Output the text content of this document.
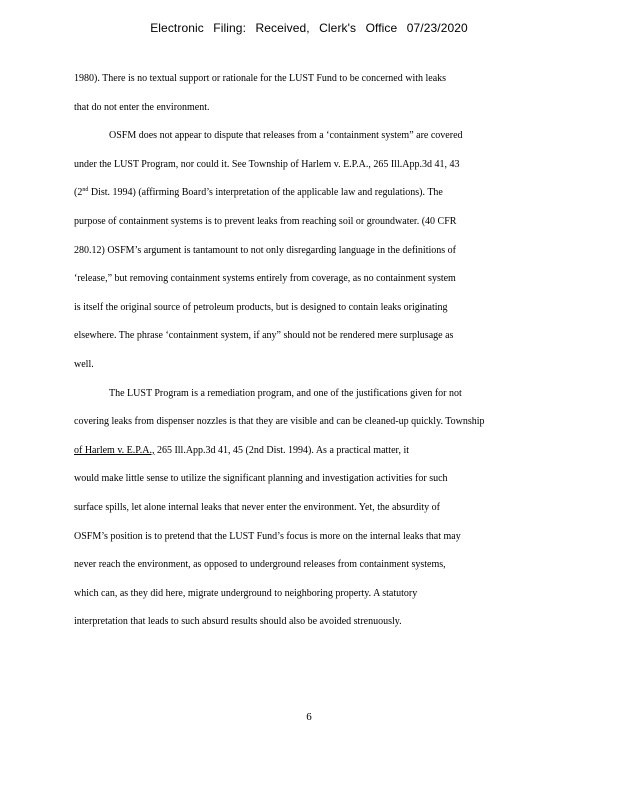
Electronic Filing: Received, Clerk's Office 07/23/2020
1980). There is no textual support or rationale for the LUST Fund to be concerned with leaks
that do not enter the environment.
OSFM does not appear to dispute that releases from a ‘containment system” are covered
under the LUST Program, nor could it. See Township of Harlem v. E.P.A., 265 Ill.App.3d 41, 43
(2nd Dist. 1994) (affirming Board’s interpretation of the applicable law and regulations). The
purpose of containment systems is to prevent leaks from reaching soil or groundwater. (40 CFR
280.12) OSFM’s argument is tantamount to not only disregarding language in the definitions of
‘release,” but removing containment systems entirely from coverage, as no containment system
is itself the original source of petroleum products, but is designed to contain leaks originating
elsewhere. The phrase ‘containment system, if any” should not be rendered mere surplusage as
well.
The LUST Program is a remediation program, and one of the justifications given for not
covering leaks from dispenser nozzles is that they are visible and can be cleaned-up quickly. Township
of Harlem v. E.P.A., 265 Ill.App.3d 41, 45 (2nd Dist. 1994). As a practical matter, it
would make little sense to utilize the significant planning and investigation activities for such
surface spills, let alone internal leaks that never enter the environment. Yet, the absurdity of
OSFM’s position is to pretend that the LUST Fund’s focus is more on the internal leaks that may
never reach the environment, as opposed to underground releases from containment systems,
which can, as they did here, migrate underground to neighboring property. A statutory
interpretation that leads to such absurd results should also be avoided strenuously.
6
